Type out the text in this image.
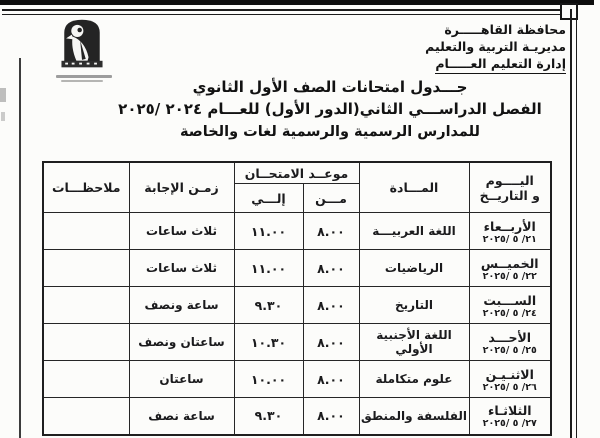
محافظة القاهـــــرة
مديريـة التربية والتعليم
إدارة التعليم العـــــام
جـــدول امتحانات الصف الأول الثانوي
الفصل الدراســـي الثاني(الدور الأول) للعـــام ٢٠٢٤ /٢٠٢٥
للمدارس الرسمية والرسمية لغات والخاصة
اليــــوم
و التاريــخ	المـــادة	موعــد الامتحــان		زمـن الإجابة	ملاحظـــات
		مـــن	إلـــي		

الأربــعاء
٢١/ ٥ /٢٠٢٥	اللغة العربيـــة	٨.٠٠	١١.٠٠	ثلاث ساعات	

الخميــس
٢٢/ ٥ /٢٠٢٥	الرياضيات	٨.٠٠	١١.٠٠	ثلاث ساعات	

الســـبت
٢٤/ ٥ /٢٠٢٥	التاريخ	٨.٠٠	٩.٣٠	ساعة ونصف	

الأحـــد
٢٥/ ٥ /٢٠٢٥	اللغة الأجنبية الأولي	٨.٠٠	١٠.٣٠	ساعتان ونصف	

الاثنـيـن
٢٦/ ٥ /٢٠٢٥	علوم متكاملة	٨.٠٠	١٠.٠٠	ساعتان	

الثلاثـاء
٢٧/ ٥ /٢٠٢٥	الفلسفة والمنطق	٨.٠٠	٩.٣٠	ساعة نصف	
